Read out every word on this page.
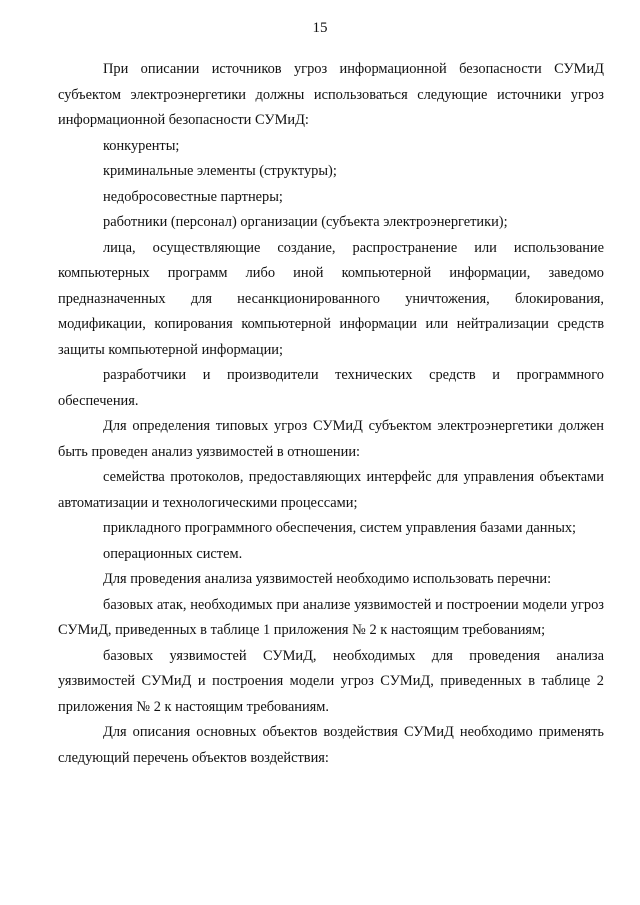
15

При описании источников угроз информационной безопасности СУМиД субъектом электроэнергетики должны использоваться следующие источники угроз информационной безопасности СУМиД:

конкуренты;

криминальные элементы (структуры);

недобросовестные партнеры;

работники (персонал) организации (субъекта электроэнергетики);

лица, осуществляющие создание, распространение или использование компьютерных программ либо иной компьютерной информации, заведомо предназначенных для несанкционированного уничтожения, блокирования, модификации, копирования компьютерной информации или нейтрализации средств защиты компьютерной информации;

разработчики и производители технических средств и программного обеспечения.

Для определения типовых угроз СУМиД субъектом электроэнергетики должен быть проведен анализ уязвимостей в отношении:

семейства протоколов, предоставляющих интерфейс для управления объектами автоматизации и технологическими процессами;

прикладного программного обеспечения, систем управления базами данных;

операционных систем.

Для проведения анализа уязвимостей необходимо использовать перечни:

базовых атак, необходимых при анализе уязвимостей и построении модели угроз СУМиД, приведенных в таблице 1 приложения № 2 к настоящим требованиям;

базовых уязвимостей СУМиД, необходимых для проведения анализа уязвимостей СУМиД и построения модели угроз СУМиД, приведенных в таблице 2 приложения № 2 к настоящим требованиям.

Для описания основных объектов воздействия СУМиД необходимо применять следующий перечень объектов воздействия:
